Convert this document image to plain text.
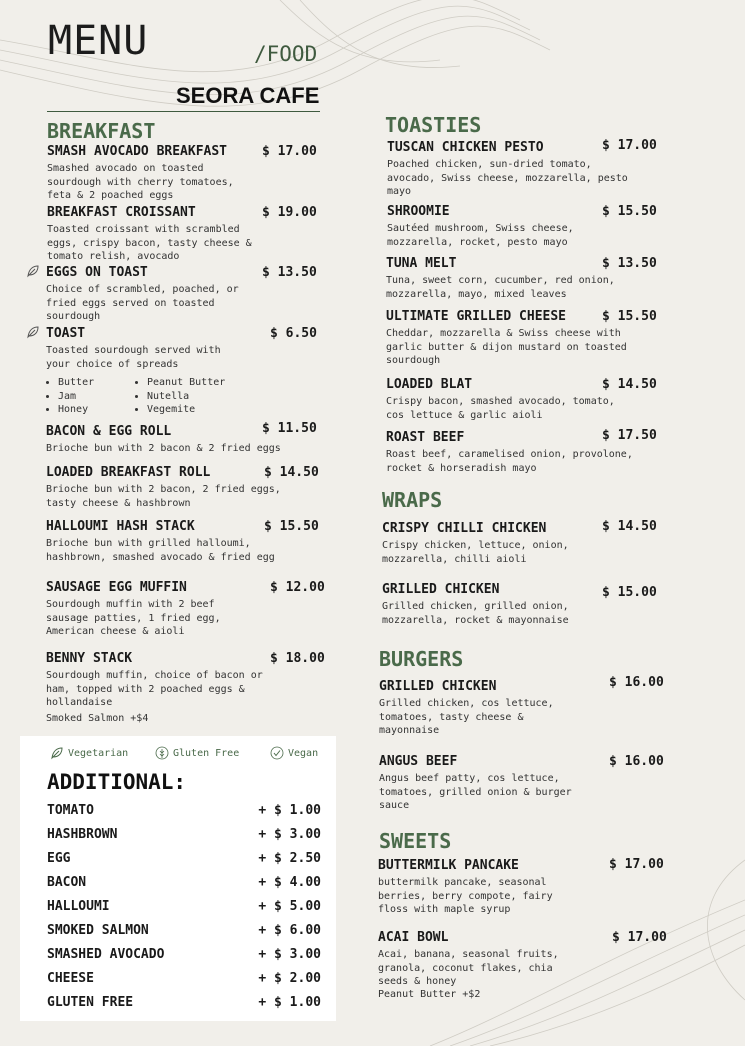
MENU	/FOOD
SEORA CAFE
BREAKFAST
SMASH AVOCADO BREAKFAST	$ 17.00
Smashed avocado on toasted sourdough with cherry tomatoes, feta & 2 poached eggs
BREAKFAST CROISSANT	$ 19.00
Toasted croissant with scrambled eggs, crispy bacon, tasty cheese & tomato relish, avocado
EGGS ON TOAST	$ 13.50
Choice of scrambled, poached, or fried eggs served on toasted sourdough
TOAST	$ 6.50
Toasted sourdough served with your choice of spreads
• Butter
• Jam
• Honey
• Peanut Butter
• Nutella
• Vegemite
BACON & EGG ROLL	$ 11.50
Brioche bun with 2 bacon & 2 fried eggs
LOADED BREAKFAST ROLL	$ 14.50
Brioche bun with 2 bacon, 2 fried eggs, tasty cheese & hashbrown
HALLOUMI HASH STACK	$ 15.50
Brioche bun with grilled halloumi, hashbrown, smashed avocado & fried egg
SAUSAGE EGG MUFFIN	$ 12.00
Sourdough muffin with 2 beef sausage patties, 1 fried egg, American cheese & aioli
BENNY STACK	$ 18.00
Sourdough muffin, choice of bacon or ham, topped with 2 poached eggs & hollandaise
Smoked Salmon +$4
Vegetarian	Gluten Free	Vegan
ADDITIONAL:
TOMATO	+ $ 1.00
HASHBROWN	+ $ 3.00
EGG	+ $ 2.50
BACON	+ $ 4.00
HALLOUMI	+ $ 5.00
SMOKED SALMON	+ $ 6.00
SMASHED AVOCADO	+ $ 3.00
CHEESE	+ $ 2.00
GLUTEN FREE	+ $ 1.00
TOASTIES
TUSCAN CHICKEN PESTO	$ 17.00
Poached chicken, sun-dried tomato, avocado, Swiss cheese, mozzarella, pesto mayo
SHROOMIE	$ 15.50
Sautéed mushroom, Swiss cheese, mozzarella, rocket, pesto mayo
TUNA MELT	$ 13.50
Tuna, sweet corn, cucumber, red onion, mozzarella, mayo, mixed leaves
ULTIMATE GRILLED CHEESE	$ 15.50
Cheddar, mozzarella & Swiss cheese with garlic butter & dijon mustard on toasted sourdough
LOADED BLAT	$ 14.50
Crispy bacon, smashed avocado, tomato, cos lettuce & garlic aioli
ROAST BEEF	$ 17.50
Roast beef, caramelised onion, provolone, rocket & horseradish mayo
WRAPS
CRISPY CHILLI CHICKEN	$ 14.50
Crispy chicken, lettuce, onion, mozzarella, chilli aioli
GRILLED CHICKEN	$ 15.00
Grilled chicken, grilled onion, mozzarella, rocket & mayonnaise
BURGERS
GRILLED CHICKEN	$ 16.00
Grilled chicken, cos lettuce, tomatoes, tasty cheese & mayonnaise
ANGUS BEEF	$ 16.00
Angus beef patty, cos lettuce, tomatoes, grilled onion & burger sauce
SWEETS
BUTTERMILK PANCAKE	$ 17.00
buttermilk pancake, seasonal berries, berry compote, fairy floss with maple syrup
ACAI BOWL	$ 17.00
Acai, banana, seasonal fruits, granola, coconut flakes, chia seeds & honey
Peanut Butter +$2
